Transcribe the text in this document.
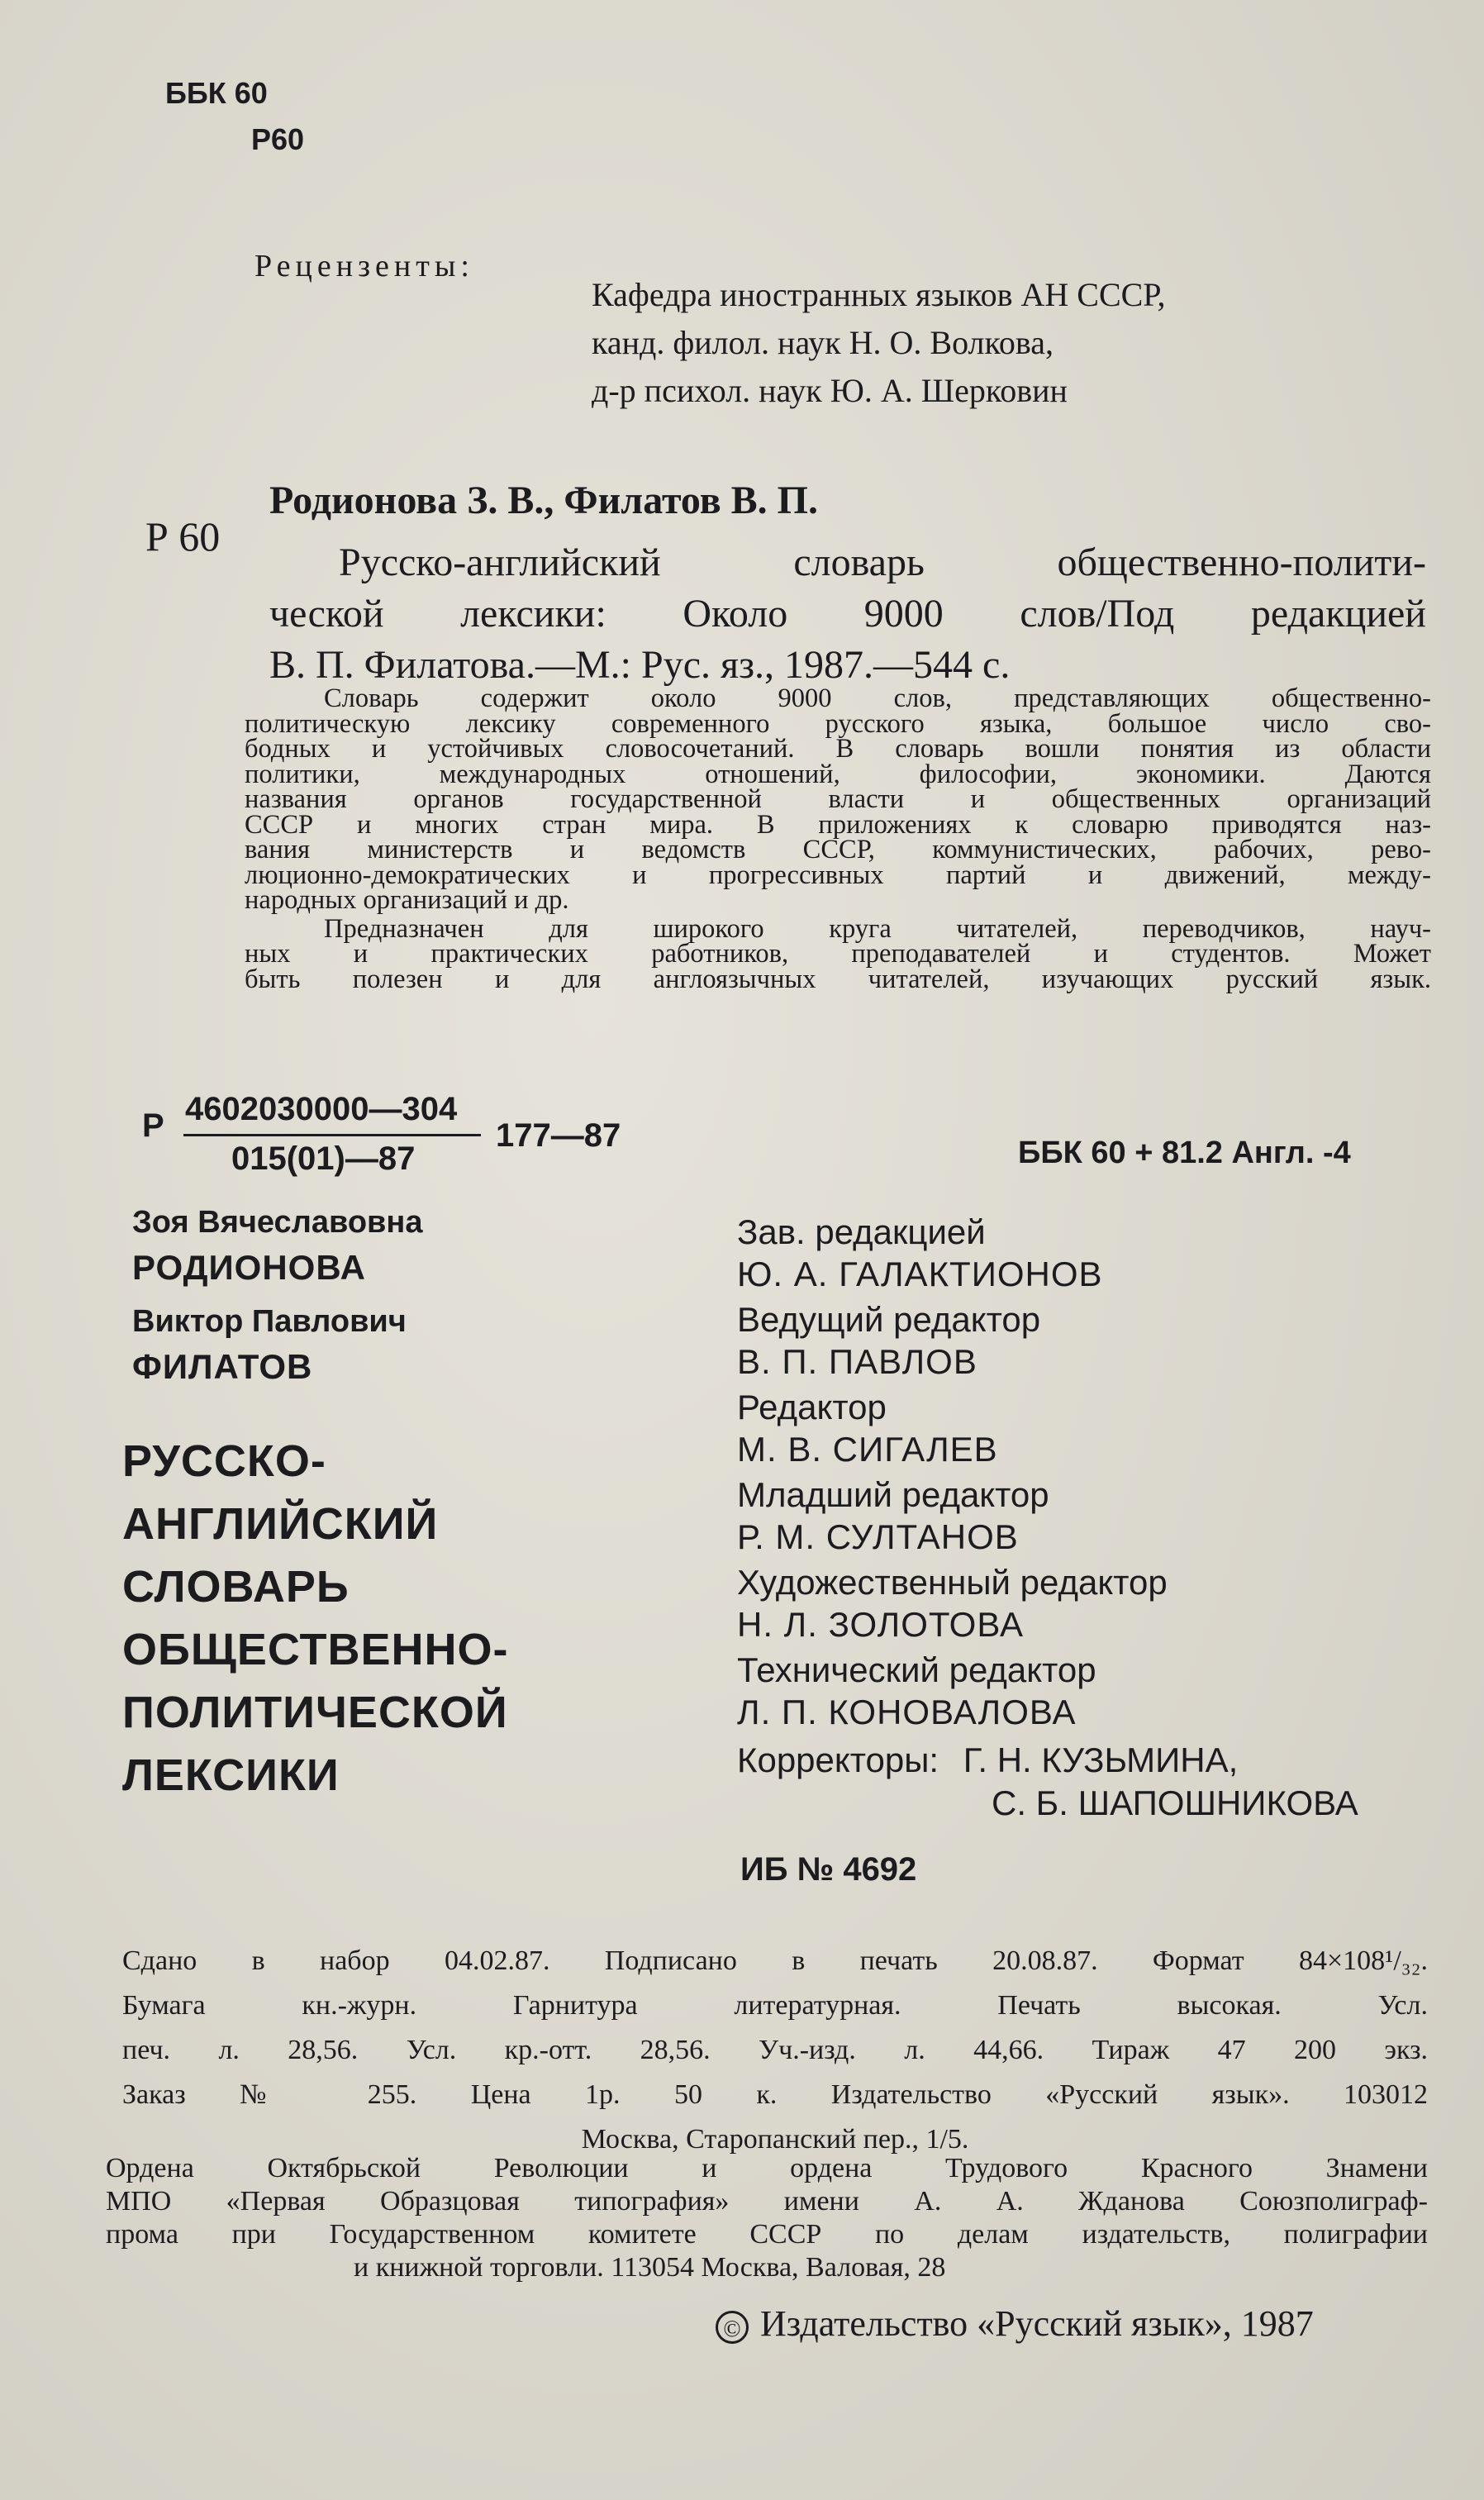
ББК 60
Р60
Рецензенты:
Кафедра иностранных языков АН СССР,
канд. филол. наук Н. О. Волкова,
д-р психол. наук Ю. А. Шерковин
Родионова З. В., Филатов В. П.
Р 60
Русско-английский словарь общественно-полити-
ческой лексики: Около 9000 слов/Под редакцией
В. П. Филатова.—М.: Рус. яз., 1987.—544 с.
Словарь содержит около 9000 слов, представляющих общественно-
политическую лексику современного русского языка, большое число сво-
бодных и устойчивых словосочетаний. В словарь вошли понятия из области
политики, международных отношений, философии, экономики. Даются
названия органов государственной власти и общественных организаций
СССР и многих стран мира. В приложениях к словарю приводятся наз-
вания министерств и ведомств СССР, коммунистических, рабочих, рево-
люционно-демократических и прогрессивных партий и движений, между-
народных организаций и др.
Предназначен для широкого круга читателей, переводчиков, науч-
ных и практических работников, преподавателей и студентов. Может
быть полезен и для англоязычных читателей, изучающих русский язык.
Р 4602030000—304
015(01)—87
177—87	ББК 60 + 81.2 Англ. -4
Зоя Вячеславовна
РОДИОНОВА
Виктор Павлович
ФИЛАТОВ
РУССКО-
АНГЛИЙСКИЙ
СЛОВАРЬ
ОБЩЕСТВЕННО-
ПОЛИТИЧЕСКОЙ
ЛЕКСИКИ
Зав. редакцией
Ю. А. ГАЛАКТИОНОВ
Ведущий редактор
В. П. ПАВЛОВ
Редактор
М. В. СИГАЛЕВ
Младший редактор
Р. М. СУЛТАНОВ
Художественный редактор
Н. Л. ЗОЛОТОВА
Технический редактор
Л. П. КОНОВАЛОВА
Корректоры: Г. Н. КУЗЬМИНА,
С. Б. ШАПОШНИКОВА
ИБ № 4692
Сдано в набор 04.02.87. Подписано в печать 20.08.87. Формат 84×108¹/₃₂.
Бумага кн.-журн. Гарнитура литературная. Печать высокая. Усл.
печ. л. 28,56. Усл. кр.-отт. 28,56. Уч.-изд. л. 44,66. Тираж 47 200 экз.
Заказ № 255. Цена 1р. 50 к. Издательство «Русский язык». 103012
Москва, Старопанский пер., 1/5.
Ордена Октябрьской Революции и ордена Трудового Красного Знамени
МПО «Первая Образцовая типография» имени А. А. Жданова Союзполиграф-
прома при Государственном комитете СССР по делам издательств, полиграфии
и книжной торговли. 113054 Москва, Валовая, 28
© Издательство «Русский язык», 1987
